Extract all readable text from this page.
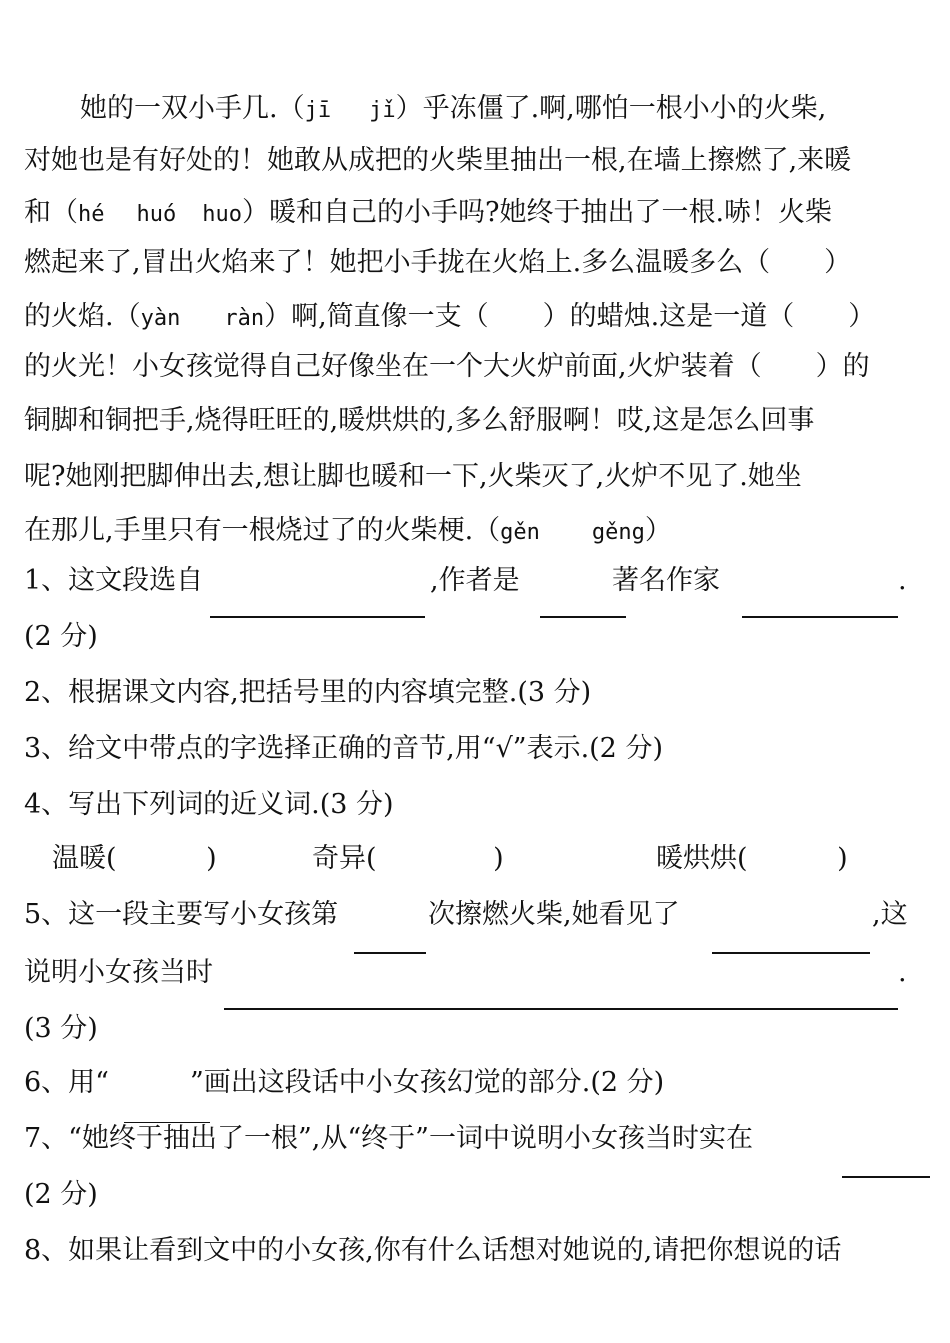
她的一双小手几.（jī jǐ）乎冻僵了.啊,哪怕一根小小的火柴,
对她也是有好处的！她敢从成把的火柴里抽出一根,在墙上擦燃了,来暖
和（hé huó huo）暖和自己的小手吗?她终于抽出了一根.哧！火柴
燃起来了,冒出火焰来了！她把小手拢在火焰上.多么温暖多么（　　）
的火焰.（yàn ràn）啊,简直像一支（　　）的蜡烛.这是一道（　　）
的火光！小女孩觉得自己好像坐在一个大火炉前面,火炉装着（　　）的
铜脚和铜把手,烧得旺旺的,暖烘烘的,多么舒服啊！哎,这是怎么回事
呢?她刚把脚伸出去,想让脚也暖和一下,火柴灭了,火炉不见了.她坐
在那儿,手里只有一根烧过了的火柴梗.（gěn gěng）
1、这文段选自	,作者是	著名作家	.
(2 分)
2、根据课文内容,把括号里的内容填完整.(3 分)
3、给文中带点的字选择正确的音节,用“√”表示.(2 分)
4、写出下列词的近义词.(3 分)
温暖(　　　 )	奇异(　　　　 )	暖烘烘(　　　 )
5、这一段主要写小女孩第	次擦燃火柴,她看见了	,这
说明小女孩当时	.
(3 分)
6、用“　　　”画出这段话中小女孩幻觉的部分.(2 分)
7、“她终于抽出了一根”,从“终于”一词中说明小女孩当时实在
(2 分)
8、如果让看到文中的小女孩,你有什么话想对她说的,请把你想说的话
